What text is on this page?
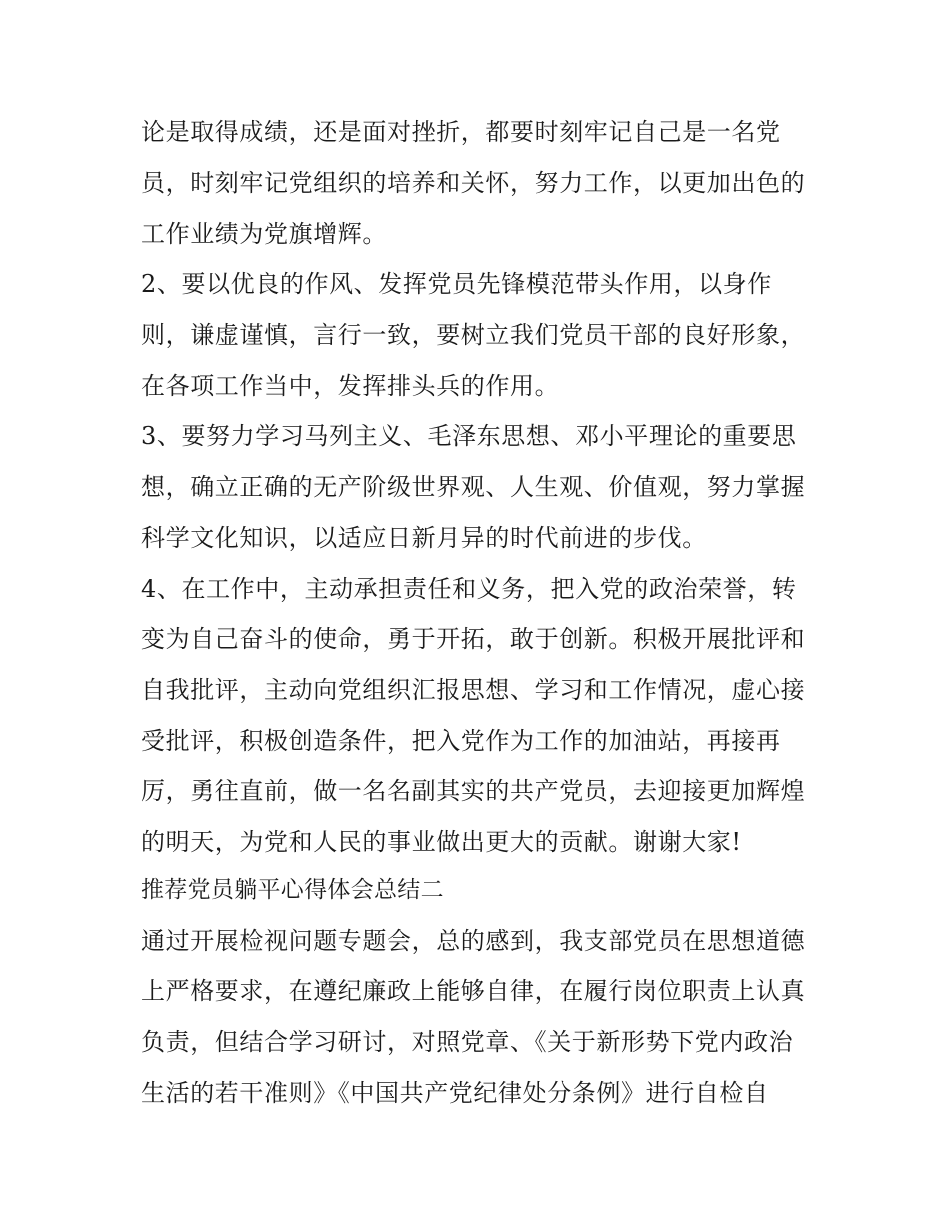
论是取得成绩，还是面对挫折，都要时刻牢记自己是一名党
员，时刻牢记党组织的培养和关怀，努力工作，以更加出色的
工作业绩为党旗增辉。
2、要以优良的作风、发挥党员先锋模范带头作用，以身作
则，谦虚谨慎，言行一致，要树立我们党员干部的良好形象，
在各项工作当中，发挥排头兵的作用。
3、要努力学习马列主义、毛泽东思想、邓小平理论的重要思
想，确立正确的无产阶级世界观、人生观、价值观，努力掌握
科学文化知识，以适应日新月异的时代前进的步伐。
4、在工作中，主动承担责任和义务，把入党的政治荣誉，转
变为自己奋斗的使命，勇于开拓，敢于创新。积极开展批评和
自我批评，主动向党组织汇报思想、学习和工作情况，虚心接
受批评，积极创造条件，把入党作为工作的加油站，再接再
厉，勇往直前，做一名名副其实的共产党员，去迎接更加辉煌
的明天，为党和人民的事业做出更大的贡献。谢谢大家!
推荐党员躺平心得体会总结二
通过开展检视问题专题会，总的感到，我支部党员在思想道德
上严格要求，在遵纪廉政上能够自律，在履行岗位职责上认真
负责，但结合学习研讨，对照党章、《关于新形势下党内政治
生活的若干准则》《中国共产党纪律处分条例》进行自检自
